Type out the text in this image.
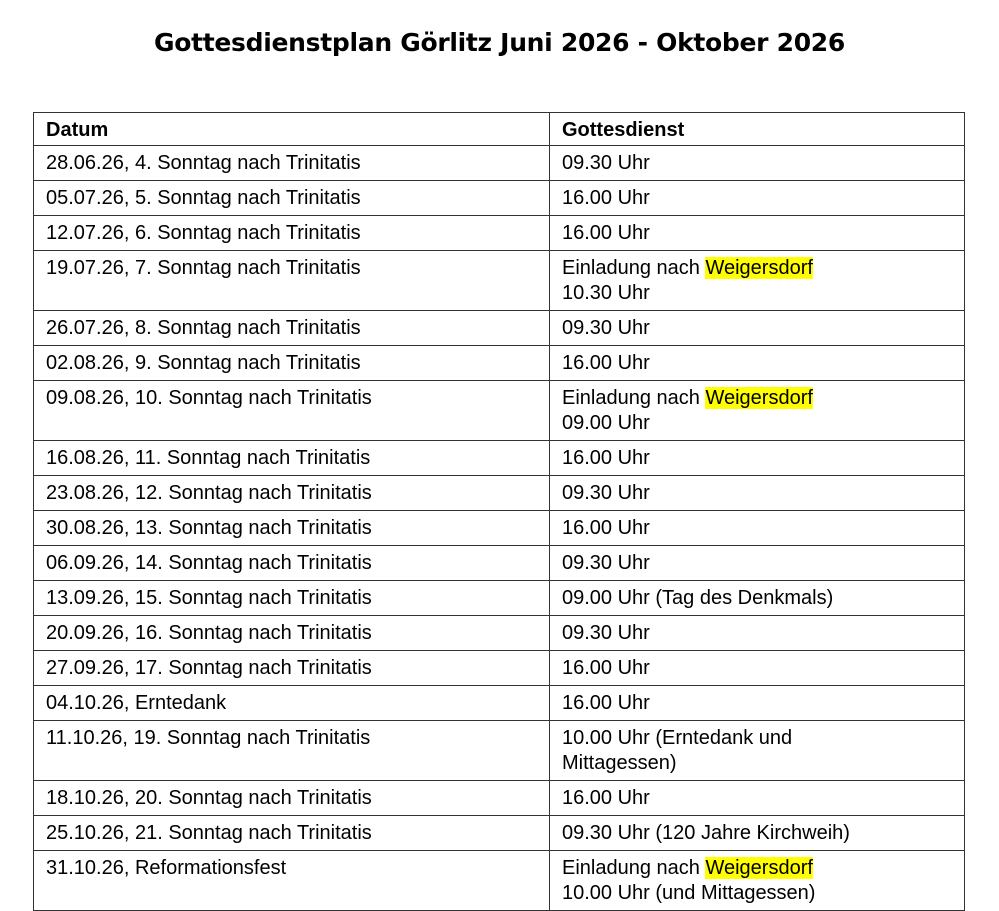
Gottesdienstplan Görlitz Juni 2026 - Oktober 2026
Datum	Gottesdienst
28.06.26, 4. Sonntag nach Trinitatis	09.30 Uhr

05.07.26, 5. Sonntag nach Trinitatis	16.00 Uhr

12.07.26, 6. Sonntag nach Trinitatis	16.00 Uhr

19.07.26, 7. Sonntag nach Trinitatis	Einladung nach Weigersdorf
10.30 Uhr

26.07.26, 8. Sonntag nach Trinitatis	09.30 Uhr

02.08.26, 9. Sonntag nach Trinitatis	16.00 Uhr

09.08.26, 10. Sonntag nach Trinitatis	Einladung nach Weigersdorf
09.00 Uhr

16.08.26, 11. Sonntag nach Trinitatis	16.00 Uhr

23.08.26, 12. Sonntag nach Trinitatis	09.30 Uhr

30.08.26, 13. Sonntag nach Trinitatis	16.00 Uhr

06.09.26, 14. Sonntag nach Trinitatis	09.30 Uhr

13.09.26, 15. Sonntag nach Trinitatis	09.00 Uhr (Tag des Denkmals)

20.09.26, 16. Sonntag nach Trinitatis	09.30 Uhr

27.09.26, 17. Sonntag nach Trinitatis	16.00 Uhr

04.10.26, Erntedank	16.00 Uhr

11.10.26, 19. Sonntag nach Trinitatis	10.00 Uhr (Erntedank und
Mittagessen)

18.10.26, 20. Sonntag nach Trinitatis	16.00 Uhr

25.10.26, 21. Sonntag nach Trinitatis	09.30 Uhr (120 Jahre Kirchweih)

31.10.26, Reformationsfest	Einladung nach Weigersdorf
10.00 Uhr (und Mittagessen)
